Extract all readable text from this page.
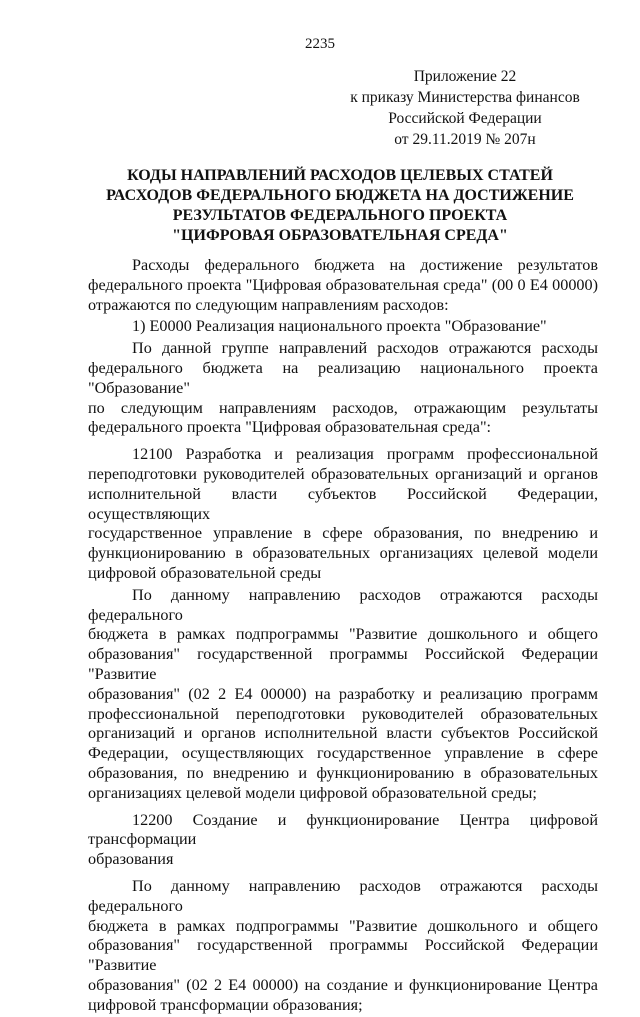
2235
Приложение 22
к приказу Министерства финансов
Российской Федерации
от 29.11.2019 № 207н
КОДЫ НАПРАВЛЕНИЙ РАСХОДОВ ЦЕЛЕВЫХ СТАТЕЙ
РАСХОДОВ ФЕДЕРАЛЬНОГО БЮДЖЕТА НА ДОСТИЖЕНИЕ
РЕЗУЛЬТАТОВ ФЕДЕРАЛЬНОГО ПРОЕКТА
"ЦИФРОВАЯ ОБРАЗОВАТЕЛЬНАЯ СРЕДА"
Расходы федерального бюджета на достижение результатов
федерального проекта "Цифровая образовательная среда" (00 0 Е4 00000)
отражаются по следующим направлениям расходов:
1) Е0000 Реализация национального проекта "Образование"
По данной группе направлений расходов отражаются расходы
федерального бюджета на реализацию национального проекта "Образование"
по следующим направлениям расходов, отражающим результаты
федерального проекта "Цифровая образовательная среда":
12100 Разработка и реализация программ профессиональной
переподготовки руководителей образовательных организаций и органов
исполнительной власти субъектов Российской Федерации, осуществляющих
государственное управление в сфере образования, по внедрению и
функционированию в образовательных организациях целевой модели
цифровой образовательной среды
По данному направлению расходов отражаются расходы федерального
бюджета в рамках подпрограммы "Развитие дошкольного и общего
образования" государственной программы Российской Федерации "Развитие
образования" (02 2 Е4 00000) на разработку и реализацию программ
профессиональной переподготовки руководителей образовательных
организаций и органов исполнительной власти субъектов Российской
Федерации, осуществляющих государственное управление в сфере
образования, по внедрению и функционированию в образовательных
организациях целевой модели цифровой образовательной среды;
12200 Создание и функционирование Центра цифровой трансформации
образования
По данному направлению расходов отражаются расходы федерального
бюджета в рамках подпрограммы "Развитие дошкольного и общего
образования" государственной программы Российской Федерации "Развитие
образования" (02 2 Е4 00000) на создание и функционирование Центра
цифровой трансформации образования;
